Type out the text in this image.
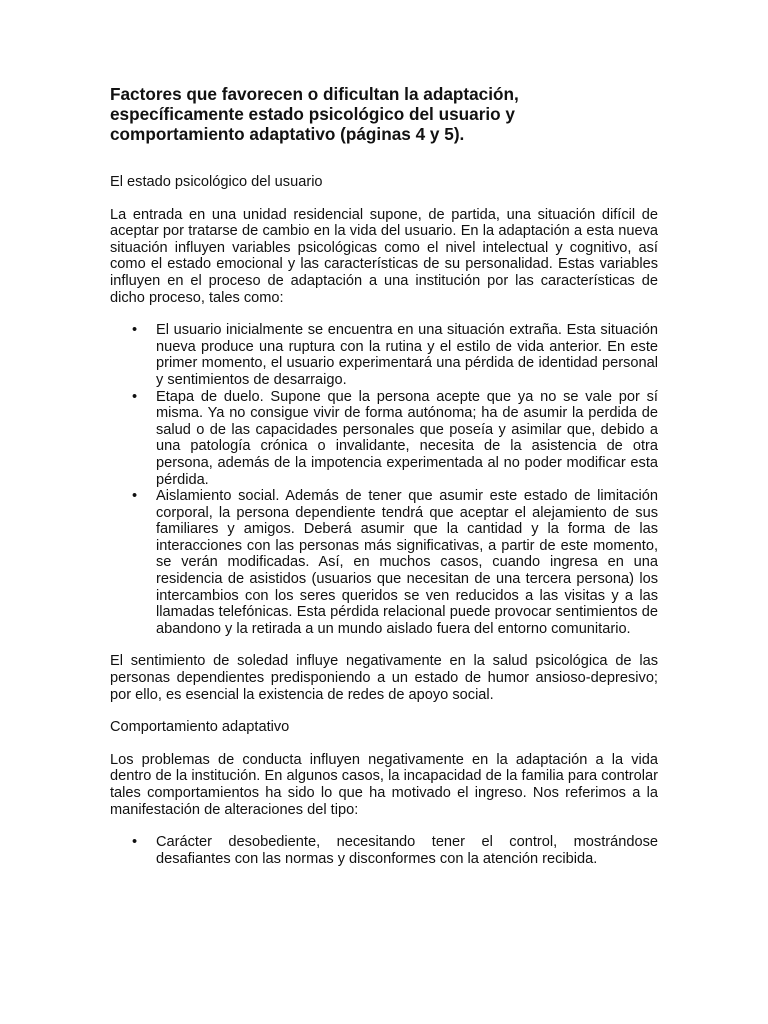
Factores que favorecen o dificultan la adaptación,
específicamente estado psicológico del usuario y
comportamiento adaptativo (páginas 4 y 5).
El estado psicológico del usuario

La entrada en una unidad residencial supone, de partida, una situación difícil de aceptar por tratarse de cambio en la vida del usuario. En la adaptación a esta nueva situación influyen variables psicológicas como el nivel intelectual y cognitivo, así como el estado emocional y las características de su personalidad. Estas variables influyen en el proceso de adaptación a una institución por las características de dicho proceso, tales como:

• El usuario inicialmente se encuentra en una situación extraña. Esta situación nueva produce una ruptura con la rutina y el estilo de vida anterior. En este primer momento, el usuario experimentará una pérdida de identidad personal y sentimientos de desarraigo.
• Etapa de duelo. Supone que la persona acepte que ya no se vale por sí misma. Ya no consigue vivir de forma autónoma; ha de asumir la perdida de salud o de las capacidades personales que poseía y asimilar que, debido a una patología crónica o invalidante, necesita de la asistencia de otra persona, además de la impotencia experimentada al no poder modificar esta pérdida.
• Aislamiento social. Además de tener que asumir este estado de limitación corporal, la persona dependiente tendrá que aceptar el alejamiento de sus familiares y amigos. Deberá asumir que la cantidad y la forma de las interacciones con las personas más significativas, a partir de este momento, se verán modificadas. Así, en muchos casos, cuando ingresa en una residencia de asistidos (usuarios que necesitan de una tercera persona) los intercambios con los seres queridos se ven reducidos a las visitas y a las llamadas telefónicas. Esta pérdida relacional puede provocar sentimientos de abandono y la retirada a un mundo aislado fuera del entorno comunitario.

El sentimiento de soledad influye negativamente en la salud psicológica de las personas dependientes predisponiendo a un estado de humor ansioso-depresivo; por ello, es esencial la existencia de redes de apoyo social.

Comportamiento adaptativo

Los problemas de conducta influyen negativamente en la adaptación a la vida dentro de la institución. En algunos casos, la incapacidad de la familia para controlar tales comportamientos ha sido lo que ha motivado el ingreso. Nos referimos a la manifestación de alteraciones del tipo:

• Carácter desobediente, necesitando tener el control, mostrándose desafiantes con las normas y disconformes con la atención recibida.
